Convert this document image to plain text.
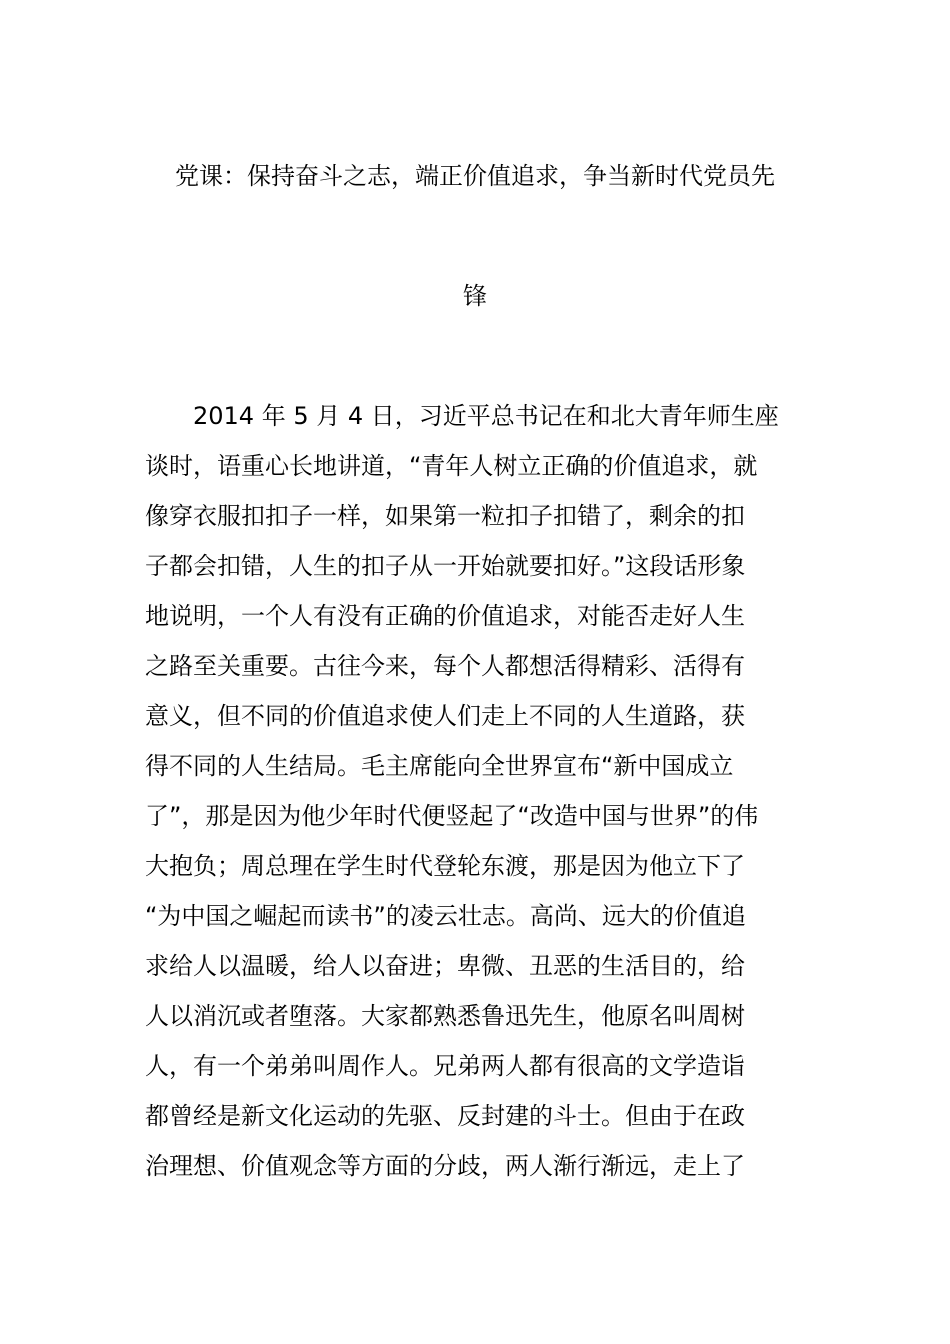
党课：保持奋斗之志，端正价值追求，争当新时代党员先
锋
2014 年 5 月 4 日，习近平总书记在和北大青年师生座
谈时，语重心长地讲道，“青年人树立正确的价值追求，就
像穿衣服扣扣子一样，如果第一粒扣子扣错了，剩余的扣
子都会扣错，人生的扣子从一开始就要扣好。”这段话形象
地说明，一个人有没有正确的价值追求，对能否走好人生
之路至关重要。古往今来，每个人都想活得精彩、活得有
意义，但不同的价值追求使人们走上不同的人生道路，获
得不同的人生结局。毛主席能向全世界宣布“新中国成立
了”，那是因为他少年时代便竖起了“改造中国与世界”的伟
大抱负；周总理在学生时代登轮东渡，那是因为他立下了
“为中国之崛起而读书”的凌云壮志。高尚、远大的价值追
求给人以温暖，给人以奋进；卑微、丑恶的生活目的，给
人以消沉或者堕落。大家都熟悉鲁迅先生，他原名叫周树
人，有一个弟弟叫周作人。兄弟两人都有很高的文学造诣
都曾经是新文化运动的先驱、反封建的斗士。但由于在政
治理想、价值观念等方面的分歧，两人渐行渐远，走上了
